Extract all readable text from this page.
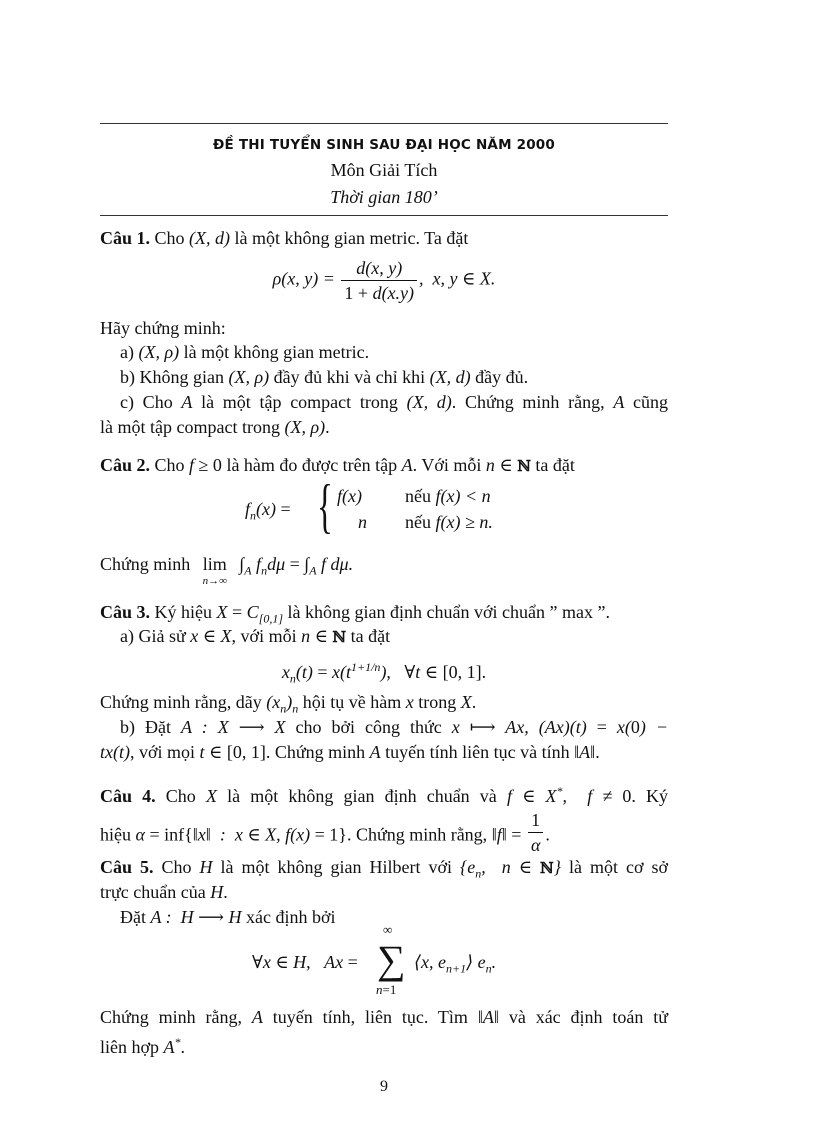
ĐỀ THI TUYỂN SINH SAU ĐẠI HỌC NĂM 2000
Môn Giải Tích
Thời gian 180’
Câu 1. Cho (X, d) là một không gian metric. Ta đặt
ρ(x, $y) = \frac{d(x, y)}{1 + d(x.y)}$ ,  x, y ∈ X.
Hãy chứng minh:
a) (X, ρ) là một không gian metric.
b) Không gian (X, ρ) đầy đủ khi và chỉ khi (X, d) đầy đủ.
c) Cho A là một tập compact trong (X, d). Chứng minh rằng, A cũng
là một tập compact trong (X, ρ).
Câu 2. Cho f ≥ 0 là hàm đo được trên tập A. Với mỗi n ∈ ℕ ta đặt
$f_n(x)$ = { f(x) nếu f(x) < n
n nếu f(x) ≥ n.
Chứng minh lim
n→∞
$\int_A$ $f_nd\mu = \int_A$ f dμ.
Câu 3. Ký hiệu $X = C_{[0,1]}$ là không gian định chuẩn với chuẩn ” max ”.
a) Giả sử x ∈ X, với mỗi n ∈ ℕ ta đặt
$x_n(t) = x(t^{1+1/n})$,   ∀t ∈ [0, 1].
Chứng minh rằng, dãy $(x_n)_n$ hội tụ về hàm x trong X.
b) Đặt A : X ⟶ X cho bởi công thức x ⟼ Ax, (Ax)(t) = x(0) −
tx(t), với mọi t ∈ [0, 1]. Chứng minh A tuyến tính liên tục và tính ‖A‖.
Câu 4. Cho X là một không gian định chuẩn và f ∈ X*,  f ≠ 0. Ký
hiệu α = inf{‖x‖  :  x ∈ X, f(x) = 1}. Chứng minh rằng, ‖f‖ = $\frac{1}{\alpha}$ .
Câu 5. Cho H là một không gian Hilbert với {$e_n$,  n ∈ ℕ} là một cơ sở
trực chuẩn của H.
Đặt A :  H ⟶ H xác định bởi
∀x ∈ H,   Ax =
∞
∑
n=1
⟨x, $e_{n+1}⟩$ $e_n$.
Chứng minh rằng, A tuyến tính, liên tục. Tìm ‖A‖ và xác định toán tử
liên hợp A*.
9
